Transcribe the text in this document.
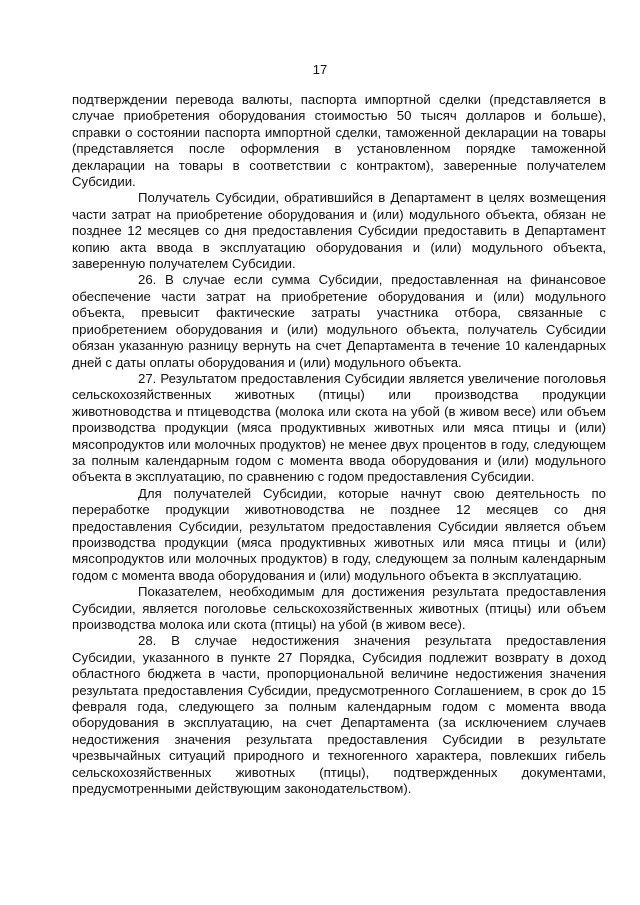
17

подтверждении перевода валюты, паспорта импортной сделки (представляется в случае приобретения оборудования стоимостью 50 тысяч долларов и больше), справки о состоянии паспорта импортной сделки, таможенной декларации на товары (представляется после оформления в установленном порядке таможенной декларации на товары в соответствии с контрактом), заверенные получателем Субсидии.

Получатель Субсидии, обратившийся в Департамент в целях возмещения части затрат на приобретение оборудования и (или) модульного объекта, обязан не позднее 12 месяцев со дня предоставления Субсидии предоставить в Департамент копию акта ввода в эксплуатацию оборудования и (или) модульного объекта, заверенную получателем Субсидии.

26. В случае если сумма Субсидии, предоставленная на финансовое обеспечение части затрат на приобретение оборудования и (или) модульного объекта, превысит фактические затраты участника отбора, связанные с приобретением оборудования и (или) модульного объекта, получатель Субсидии обязан указанную разницу вернуть на счет Департамента в течение 10 календарных дней с даты оплаты оборудования и (или) модульного объекта.

27. Результатом предоставления Субсидии является увеличение поголовья сельскохозяйственных животных (птицы) или производства продукции животноводства и птицеводства (молока или скота на убой (в живом весе) или объем производства продукции (мяса продуктивных животных или мяса птицы и (или) мясопродуктов или молочных продуктов) не менее двух процентов в году, следующем за полным календарным годом с момента ввода оборудования и (или) модульного объекта в эксплуатацию, по сравнению с годом предоставления Субсидии.

Для получателей Субсидии, которые начнут свою деятельность по переработке продукции животноводства не позднее 12 месяцев со дня предоставления Субсидии, результатом предоставления Субсидии является объем производства продукции (мяса продуктивных животных или мяса птицы и (или) мясопродуктов или молочных продуктов) в году, следующем за полным календарным годом с момента ввода оборудования и (или) модульного объекта в эксплуатацию.

Показателем, необходимым для достижения результата предоставления Субсидии, является поголовье сельскохозяйственных животных (птицы) или объем производства молока или скота (птицы) на убой (в живом весе).

28. В случае недостижения значения результата предоставления Субсидии, указанного в пункте 27 Порядка, Субсидия подлежит возврату в доход областного бюджета в части, пропорциональной величине недостижения значения результата предоставления Субсидии, предусмотренного Соглашением, в срок до 15 февраля года, следующего за полным календарным годом с момента ввода оборудования в эксплуатацию, на счет Департамента (за исключением случаев недостижения значения результата предоставления Субсидии в результате чрезвычайных ситуаций природного и техногенного характера, повлекших гибель сельскохозяйственных животных (птицы), подтвержденных документами, предусмотренными действующим законодательством).
